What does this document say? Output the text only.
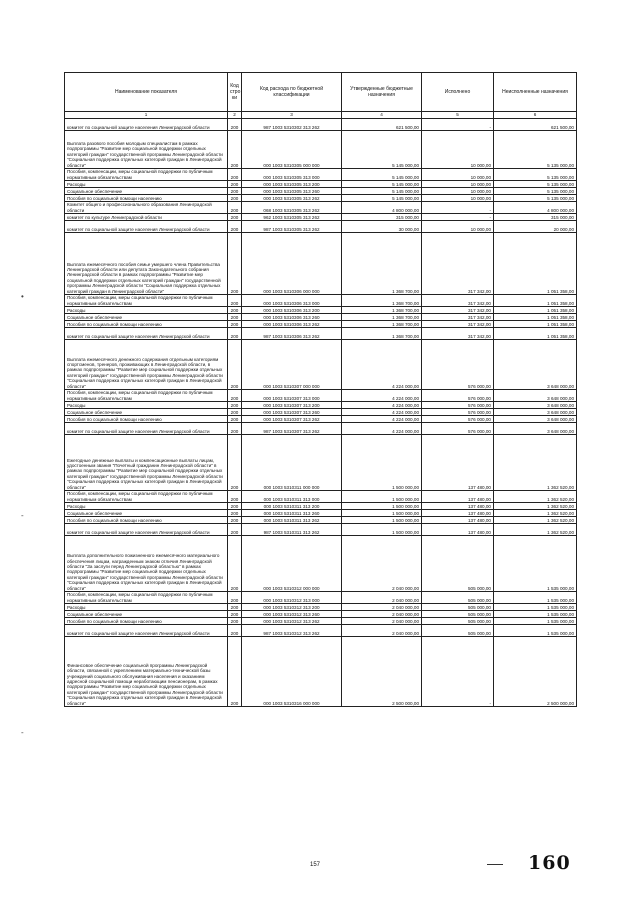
Наименование показателя	Код стро ки	Код расхода по бюджетной классификации	Утвержденные бюджетные назначения	Исполнено	Неисполненные назначения
1	2	3	4	5	6
комитет по социальной защите населения Ленинградской области	200	987 1003 5310302 313 262	621 500,00	-	621 500,00
Выплата разового пособия молодым специалистам в рамках подпрограммы "Развитие мер социальной поддержки отдельных категорий граждан" государственной программы Ленинградской области "Социальная поддержка отдельных категорий граждан в Ленинградской области"	200	000 1003 5310305 000 000	5 145 000,00	10 000,00	5 135 000,00
Пособия, компенсации, меры социальной поддержки по публичным нормативным обязательствам	200	000 1003 5310305 313 000	5 145 000,00	10 000,00	5 135 000,00
Расходы	200	000 1003 5310305 313 200	5 145 000,00	10 000,00	5 135 000,00
Социальное обеспечение	200	000 1003 5310305 313 260	5 145 000,00	10 000,00	5 135 000,00
Пособия по социальной помощи населению	200	000 1003 5310305 313 262	5 145 000,00	10 000,00	5 135 000,00
Комитет общего и профессионального образования Ленинградской области	200	068 1003 5310305 313 262	4 800 000,00	-	4 800 000,00
комитет по культуре Ленинградской области	200	962 1003 5310305 313 262	315 000,00	-	315 000,00
комитет по социальной защите населения Ленинградской области	200	987 1003 5310305 313 262	30 000,00	10 000,00	20 000,00
Выплата ежемесячного пособия семье умершего члена Правительства Ленинградской области или депутата Законодательного собрания Ленинградской области в рамках подпрограммы "Развитие мер социальной поддержки отдельных категорий граждан" государственной программы Ленинградской области "Социальная поддержка отдельных категорий граждан в Ленинградской области"	200	000 1003 5310306 000 000	1 368 700,00	317 342,00	1 051 358,00
Пособия, компенсации, меры социальной поддержки по публичным нормативным обязательствам	200	000 1003 5310306 313 000	1 368 700,00	317 342,00	1 051 358,00
Расходы	200	000 1003 5310306 313 200	1 368 700,00	317 342,00	1 051 358,00
Социальное обеспечение	200	000 1003 5310306 313 260	1 368 700,00	317 342,00	1 051 358,00
Пособия по социальной помощи населению	200	000 1003 5310306 313 262	1 368 700,00	317 342,00	1 051 358,00
комитет по социальной защите населения Ленинградской области	200	987 1003 5310306 313 262	1 368 700,00	317 342,00	1 051 358,00
Выплата ежемесячного денежного содержания отдельным категориям спортсменов, тренеров, проживающих в Ленинградской области, в рамках подпрограммы "Развитие мер социальной поддержки отдельных категорий граждан" государственной программы Ленинградской области "Социальная поддержка отдельных категорий граждан в Ленинградской области"	200	000 1003 5310307 000 000	4 224 000,00	576 000,00	3 648 000,00
Пособия, компенсации, меры социальной поддержки по публичным нормативным обязательствам	200	000 1003 5310307 313 000	4 224 000,00	576 000,00	3 648 000,00
Расходы	200	000 1003 5310307 313 200	4 224 000,00	576 000,00	3 648 000,00
Социальное обеспечение	200	000 1003 5310307 313 260	4 224 000,00	576 000,00	3 648 000,00
Пособия по социальной помощи населению	200	000 1003 5310307 313 262	4 224 000,00	576 000,00	3 648 000,00
комитет по социальной защите населения Ленинградской области	200	987 1003 5310307 313 262	4 224 000,00	576 000,00	3 648 000,00
Ежегодные денежные выплаты и компенсационные выплаты лицам, удостоенным звания "Почетный гражданин Ленинградской области" в рамках подпрограммы "Развитие мер социальной поддержки отдельных категорий граждан" государственной программы Ленинградской области "Социальная поддержка отдельных категорий граждан в Ленинградской области"	200	000 1003 5310311 000 000	1 500 000,00	137 480,00	1 362 520,00
Пособия, компенсации, меры социальной поддержки по публичным нормативным обязательствам	200	000 1003 5310311 313 000	1 500 000,00	137 480,00	1 362 520,00
Расходы	200	000 1003 5310311 313 200	1 500 000,00	137 480,00	1 362 520,00
Социальное обеспечение	200	000 1003 5310311 313 260	1 500 000,00	137 480,00	1 362 520,00
Пособия по социальной помощи населению	200	000 1003 5310311 313 262	1 500 000,00	137 480,00	1 362 520,00
комитет по социальной защите населения Ленинградской области	200	987 1003 5310311 313 262	1 500 000,00	137 480,00	1 362 520,00
Выплата дополнительного пожизненного ежемесячного материального обеспечения лицам, награжденным знаком отличия Ленинградской области "За заслуги перед Ленинградской областью" в рамках подпрограммы "Развитие мер социальной поддержки отдельных категорий граждан" государственной программы Ленинградской области "Социальная поддержка отдельных категорий граждан в Ленинградской области"	200	000 1003 5310312 000 000	2 040 000,00	505 000,00	1 535 000,00
Пособия, компенсации, меры социальной поддержки по публичным нормативным обязательствам	200	000 1003 5310312 313 000	2 040 000,00	505 000,00	1 535 000,00
Расходы	200	000 1003 5310312 313 200	2 040 000,00	505 000,00	1 535 000,00
Социальное обеспечение	200	000 1003 5310312 313 260	2 040 000,00	505 000,00	1 535 000,00
Пособия по социальной помощи населению	200	000 1003 5310312 313 262	2 040 000,00	505 000,00	1 535 000,00
комитет по социальной защите населения Ленинградской области	200	987 1003 5310312 313 262	2 040 000,00	505 000,00	1 535 000,00
Финансовое обеспечение социальной программы Ленинградской области, связанной с укреплением материально-технической базы учреждений социального обслуживания населения и оказанием адресной социальной помощи неработающим пенсионерам, в рамках подпрограммы "Развитие мер социальной поддержки отдельных категорий граждан" государственной программы Ленинградской области "Социальная поддержка отдельных категорий граждан в Ленинградской области"	200	000 1003 5310316 000 000	2 500 000,00	-	2 500 000,00
•
-
-
157	160
